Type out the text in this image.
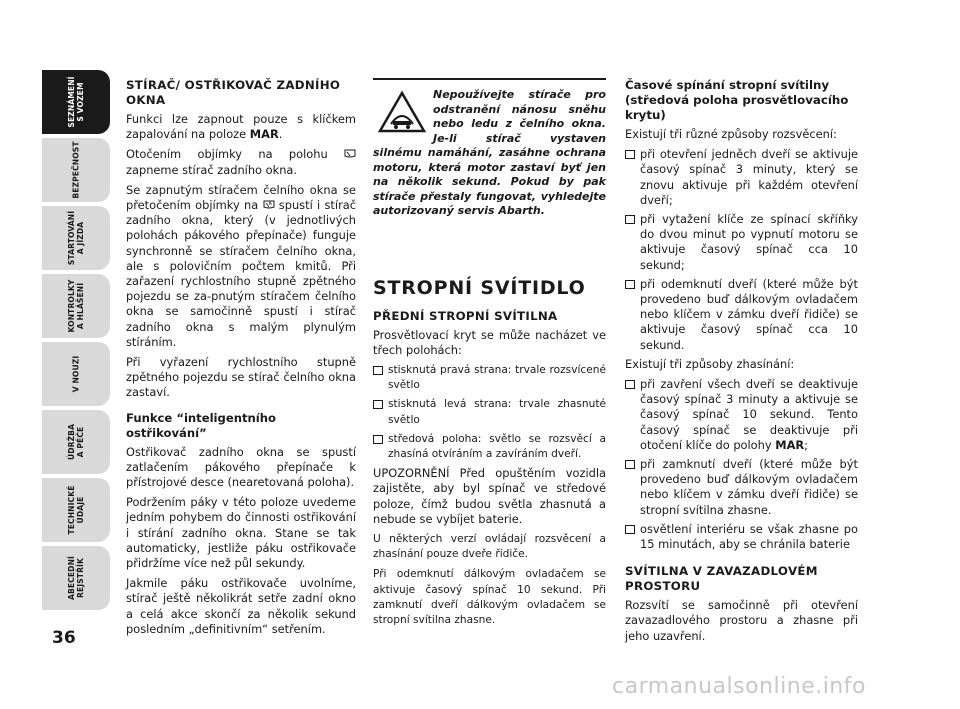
SEZNÁMENÍ
S VOZEM
BEZPEČNOST
STARTOVÁNÍ
A JÍZDA
KONTROLKY
A HLÁŠENÍ
V NOUZI
ÚDRŽBA
A PÉČE
TECHNICKÉ
ÚDAJE
ABECEDNÍ
REJSTŘÍK
36
STÍRAČ/ OSTŘIKOVAČ ZADNÍHO OKNA

Funkci lze zapnout pouze s klíčkem zapalování na poloze MAR.

Otočením objímky na polohu  zapneme stírač zadního okna.

Se zapnutým stíračem čelního okna se přetočením objímky na  spustí i stírač zadního okna, který (v jednotlivých polohách pákového přepínače) funguje synchronně se stíračem čelního okna, ale s polovičním počtem kmitů. Při zařazení rychlostního stupně zpětného pojezdu se za-pnutým stíračem čelního okna se samočinně spustí i stírač zadního okna s malým plynulým stíráním.

Při vyřazení rychlostního stupně zpětného pojezdu se stírač čelního okna zastaví.

Funkce “inteligentního ostřikování”

Ostřikovač zadního okna se spustí zatlačením pákového přepínače k přístrojové desce (nearetovaná poloha).

Podržením páky v této poloze uvedeme jedním pohybem do činnosti ostřikování i stírání zadního okna. Stane se tak automaticky, jestliže páku ostřikovače přidržíme více než půl sekundy.

Jakmile páku ostřikovače uvolníme, stírač ještě několikrát setře zadní okno a celá akce skončí za několik sekund posledním „definitivním“ setřením.

Nepoužívejte stírače pro odstranění nánosu sněhu nebo ledu z čelního okna. Je-li stírač vystaven silnému namáhání, zasáhne ochrana motoru, která motor zastaví byť jen na několik sekund. Pokud by pak stírače přestaly fungovat, vyhledejte autorizovaný servis Abarth.
STROPNÍ SVÍTIDLO
PŘEDNÍ STROPNÍ SVÍTILNA

Prosvětlovací kryt se může nacházet ve třech polohách:

stisknutá pravá strana: trvale rozsvícené světlo
stisknutá levá strana: trvale zhasnuté světlo
středová poloha: světlo se rozsvěcí a zhasíná otvíráním a zavíráním dveří.

UPOZORNĚNÍ Před opuštěním vozidla zajistěte, aby byl spínač ve středové poloze, čímž budou světla zhasnutá a nebude se vybíjet baterie.

U některých verzí ovládají rozsvěcení a zhasínání pouze dveře řidiče.

Při odemknutí dálkovým ovladačem se aktivuje časový spínač 10 sekund. Při zamknutí dveří dálkovým ovladačem se stropní svítilna zhasne.

Časové spínání stropní svítilny (středová poloha prosvětlovacího krytu)

Existují tři různé způsoby rozsvěcení:

při otevření jedněch dveří se aktivuje časový spínač 3 minuty, který se znovu aktivuje při každém otevření dveří;
při vytažení klíče ze spínací skříňky do dvou minut po vypnutí motoru se aktivuje časový spínač cca 10 sekund;
při odemknutí dveří (které může být provedeno buď dálkovým ovladačem nebo klíčem v zámku dveří řidiče) se aktivuje časový spínač cca 10 sekund.

Existují tři způsoby zhasínání:

při zavření všech dveří se deaktivuje časový spínač 3 minuty a aktivuje se časový spínač 10 sekund. Tento časový spínač se deaktivuje při otočení klíče do polohy MAR;
při zamknutí dveří (které může být provedeno buď dálkovým ovladačem nebo klíčem v zámku dveří řidiče) se stropní svítilna zhasne.
osvětlení interiéru se však zhasne po 15 minutách, aby se chránila baterie
SVÍTILNA V ZAVAZADLOVÉM PROSTORU

Rozsvítí se samočinně při otevření zavazadlového prostoru a zhasne při jeho uzavření.

carmanualsonline.info
